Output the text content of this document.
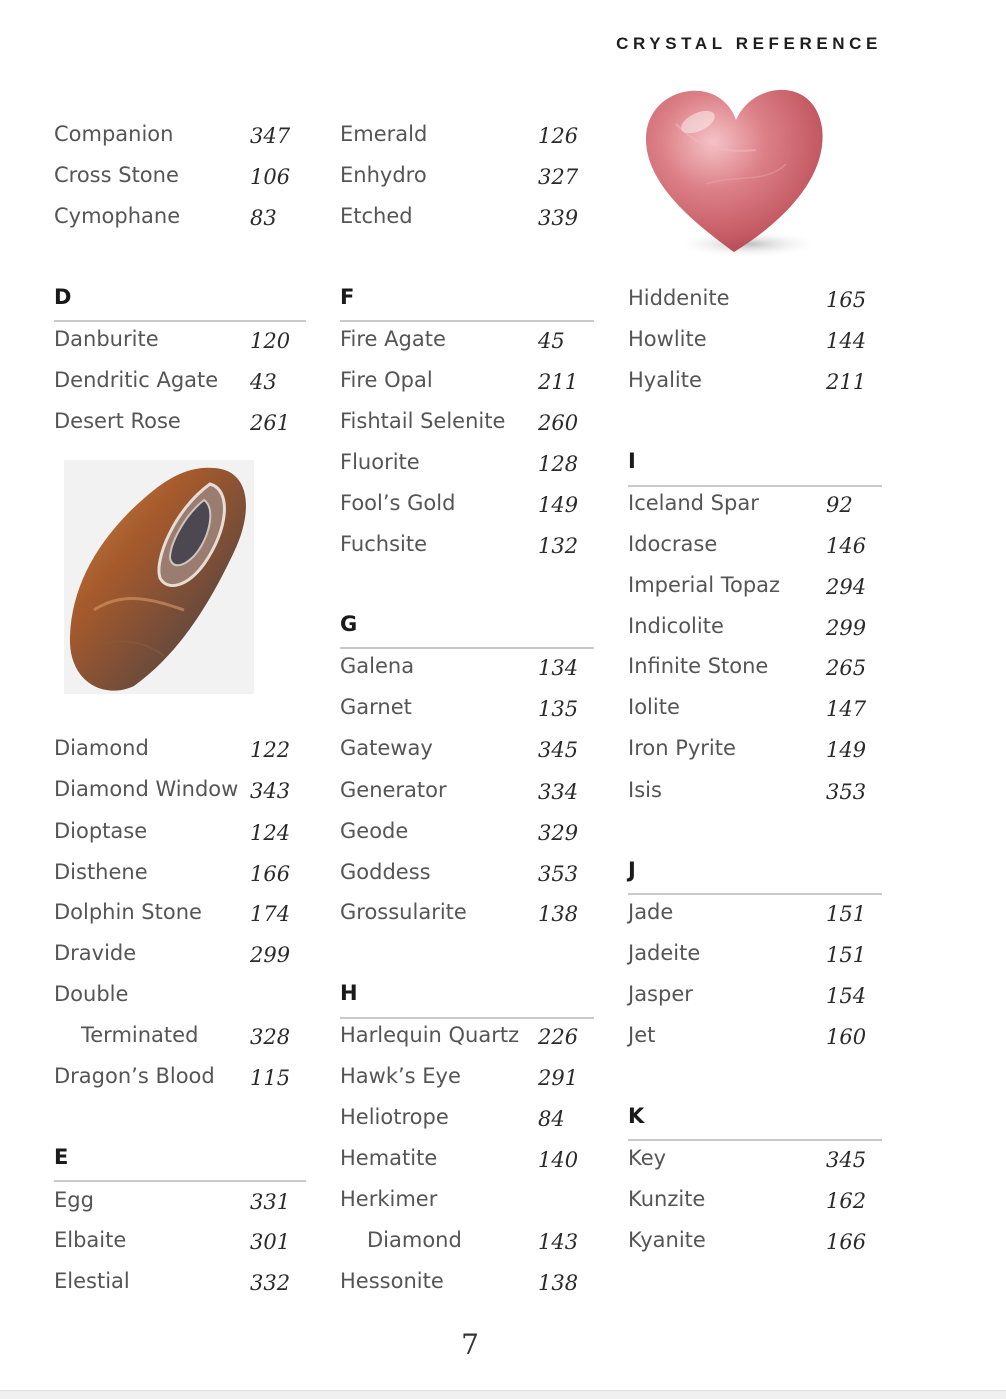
CRYSTAL REFERENCE
Companion	347
Cross Stone	106
Cymophane	83
D
Danburite	120
Dendritic Agate 43
Desert Rose	261
Diamond	122
Diamond Window 343
Dioptase	124
Disthene	166
Dolphin Stone 174
Dravide	299
Double
Terminated 328
Dragon’s Blood 115
E
Egg	331
Elbaite	301
Elestial	332
Emerald	126
Enhydro	327
Etched	339
F
Fire Agate	45
Fire Opal	211
Fishtail Selenite 260
Fluorite	128
Fool’s Gold	149
Fuchsite	132
G
Galena	134
Garnet	135
Gateway	345
Generator	334
Geode	329
Goddess	353
Grossularite	138
H
Harlequin Quartz 226
Hawk’s Eye	291
Heliotrope	84
Hematite	140
Herkimer
Diamond	143
Hessonite	138
Hiddenite	165
Howlite	144
Hyalite	211
I
Iceland Spar	92
Idocrase	146
Imperial Topaz 294
Indicolite	299
Infinite Stone	265
Iolite	147
Iron Pyrite	149
Isis	353
J
Jade	151
Jadeite	151
Jasper	154
Jet	160
K
Key	345
Kunzite	162
Kyanite	166
7
